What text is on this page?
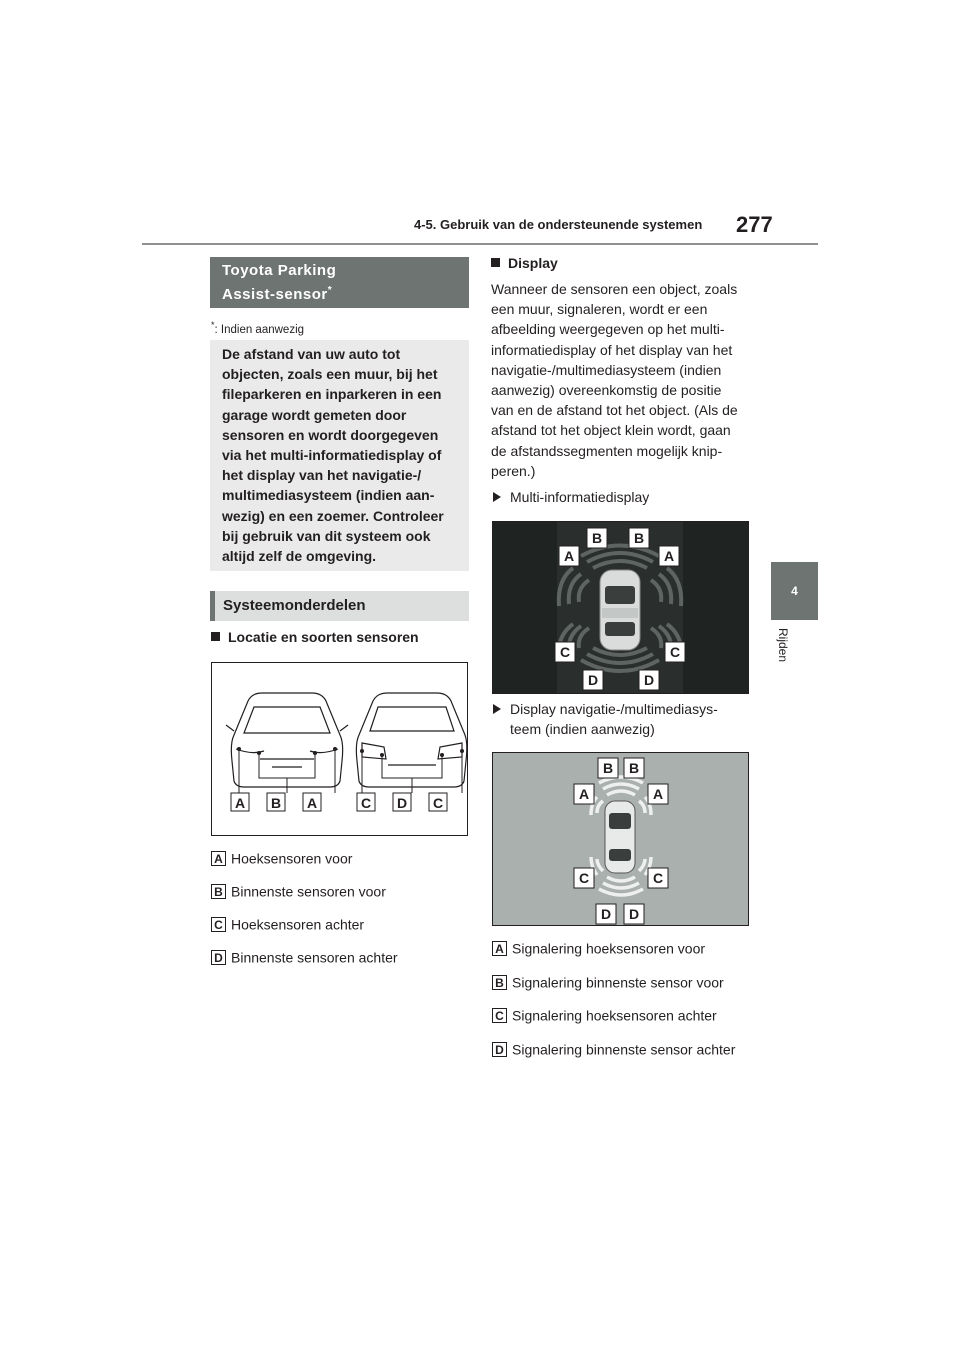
4-5. Gebruik van de ondersteunende systemen 277
4
Rijden
Toyota Parking
Assist-sensor*
*: Indien aanwezig
De afstand van uw auto tot
objecten, zoals een muur, bij het
fileparkeren en inparkeren in een
garage wordt gemeten door
sensoren en wordt doorgegeven
via het multi-informatiedisplay of
het display van het navigatie-/
multimediasysteem (indien aan-
wezig) en een zoemer. Controleer
bij gebruik van dit systeem ook
altijd zelf de omgeving.
Systeemonderdelen
Locatie en soorten sensoren
A B A	C D C
A Hoeksensoren voor
B Binnenste sensoren voor
C Hoeksensoren achter
D Binnenste sensoren achter
Display
Wanneer de sensoren een object, zoals
een muur, signaleren, wordt er een
afbeelding weergegeven op het multi-
informatiedisplay of het display van het
navigatie-/multimediasysteem (indien
aanwezig) overeenkomstig de positie
van en de afstand tot het object. (Als de
afstand tot het object klein wordt, gaan
de afstandssegmenten mogelijk knip-
peren.)
Multi-informatiedisplay
B B
A	A
C	C
D	D
Display navigatie-/multimediasys-
teem (indien aanwezig)
B B
A	A
C	C
D D
A Signalering hoeksensoren voor
B Signalering binnenste sensor voor
C Signalering hoeksensoren achter
D Signalering binnenste sensor achter
